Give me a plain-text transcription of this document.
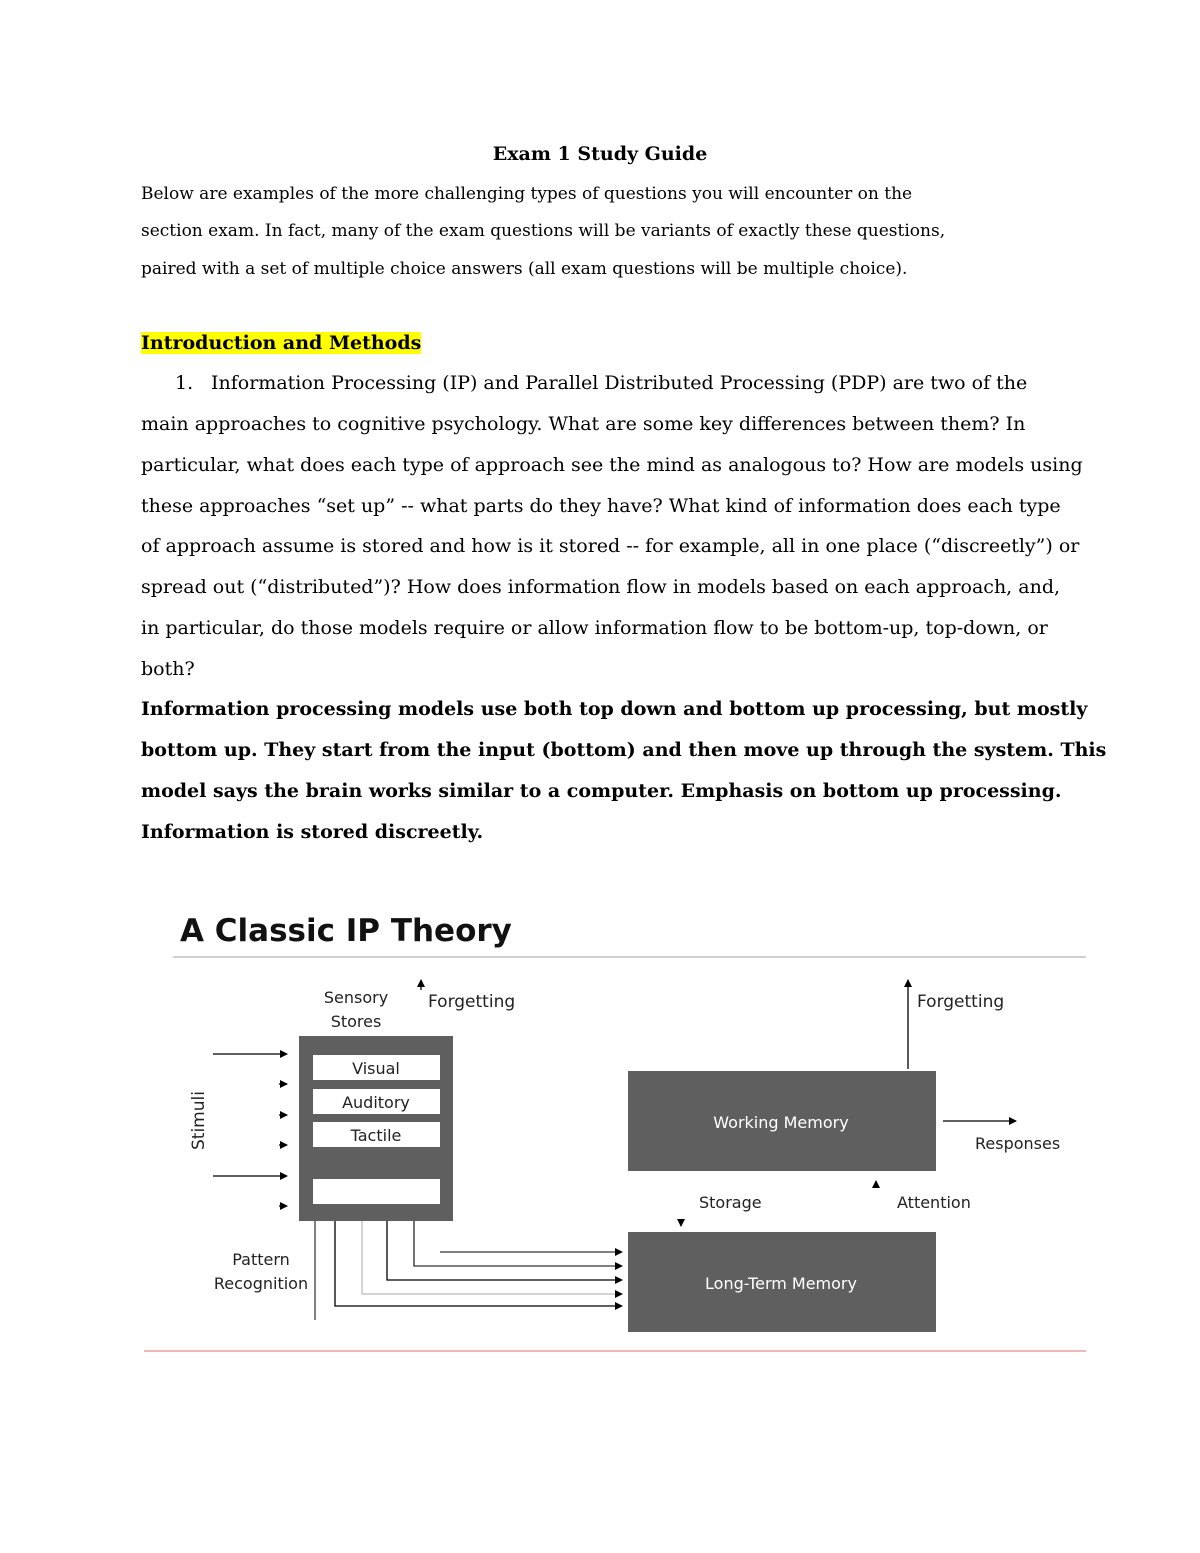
Exam 1 Study Guide
Below are examples of the more challenging types of questions you will encounter on the
section exam. In fact, many of the exam questions will be variants of exactly these questions,
paired with a set of multiple choice answers (all exam questions will be multiple choice).
Introduction and Methods
1. Information Processing (IP) and Parallel Distributed Processing (PDP) are two of the
main approaches to cognitive psychology. What are some key differences between them? In
particular, what does each type of approach see the mind as analogous to? How are models using
these approaches “set up” -- what parts do they have? What kind of information does each type
of approach assume is stored and how is it stored -- for example, all in one place (“discreetly”) or
spread out (“distributed”)? How does information flow in models based on each approach, and,
in particular, do those models require or allow information flow to be bottom-up, top-down, or
both?
Information processing models use both top down and bottom up processing, but mostly
bottom up. They start from the input (bottom) and then move up through the system. This
model says the brain works similar to a computer. Emphasis on bottom up processing.
Information is stored discreetly.
A Classic IP Theory
Stimuli
Sensory
Stores
Forgetting
Visual
Auditory
Tactile
Pattern
Recognition
Working Memory
Forgetting
Responses
Storage	Attention
Long-Term Memory
